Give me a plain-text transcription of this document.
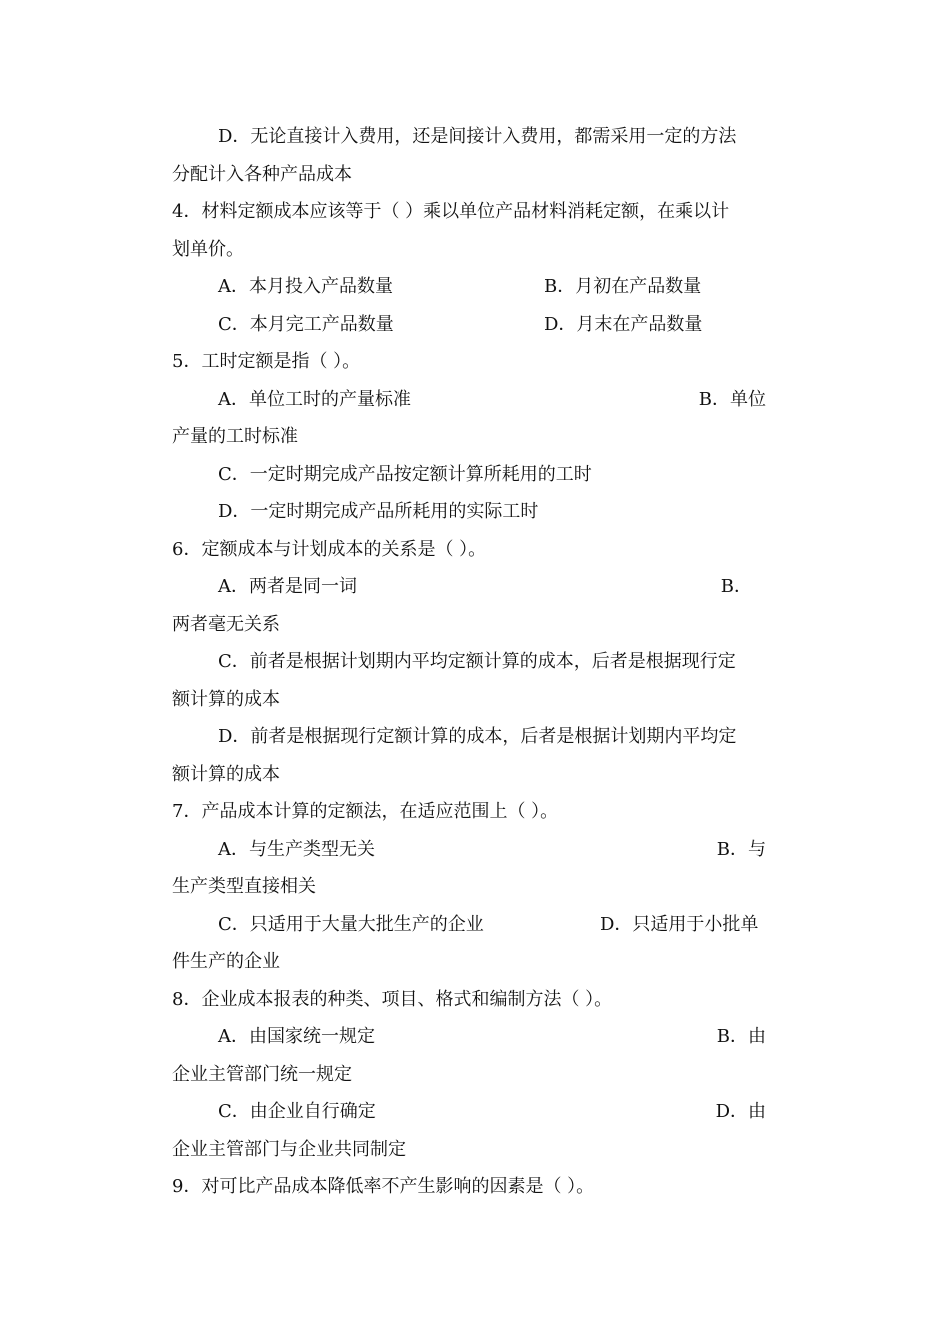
D．无论直接计入费用，还是间接计入费用，都需采用一定的方法
分配计入各种产品成本
4．材料定额成本应该等于（ ）乘以单位产品材料消耗定额，在乘以计
划单价。
A．本月投入产品数量	B．月初在产品数量
C．本月完工产品数量	D．月末在产品数量
5．工时定额是指（ ）。
A．单位工时的产量标准	B．单位
产量的工时标准
C．一定时期完成产品按定额计算所耗用的工时
D．一定时期完成产品所耗用的实际工时
6．定额成本与计划成本的关系是（ ）。
A．两者是同一词	B．
两者毫无关系
C．前者是根据计划期内平均定额计算的成本，后者是根据现行定
额计算的成本
D．前者是根据现行定额计算的成本，后者是根据计划期内平均定
额计算的成本
7．产品成本计算的定额法，在适应范围上（ ）。
A．与生产类型无关	B．与
生产类型直接相关
C．只适用于大量大批生产的企业	D．只适用于小批单
件生产的企业
8．企业成本报表的种类、项目、格式和编制方法（ ）。
A．由国家统一规定	B．由
企业主管部门统一规定
C．由企业自行确定	D．由
企业主管部门与企业共同制定
9．对可比产品成本降低率不产生影响的因素是（ ）。
